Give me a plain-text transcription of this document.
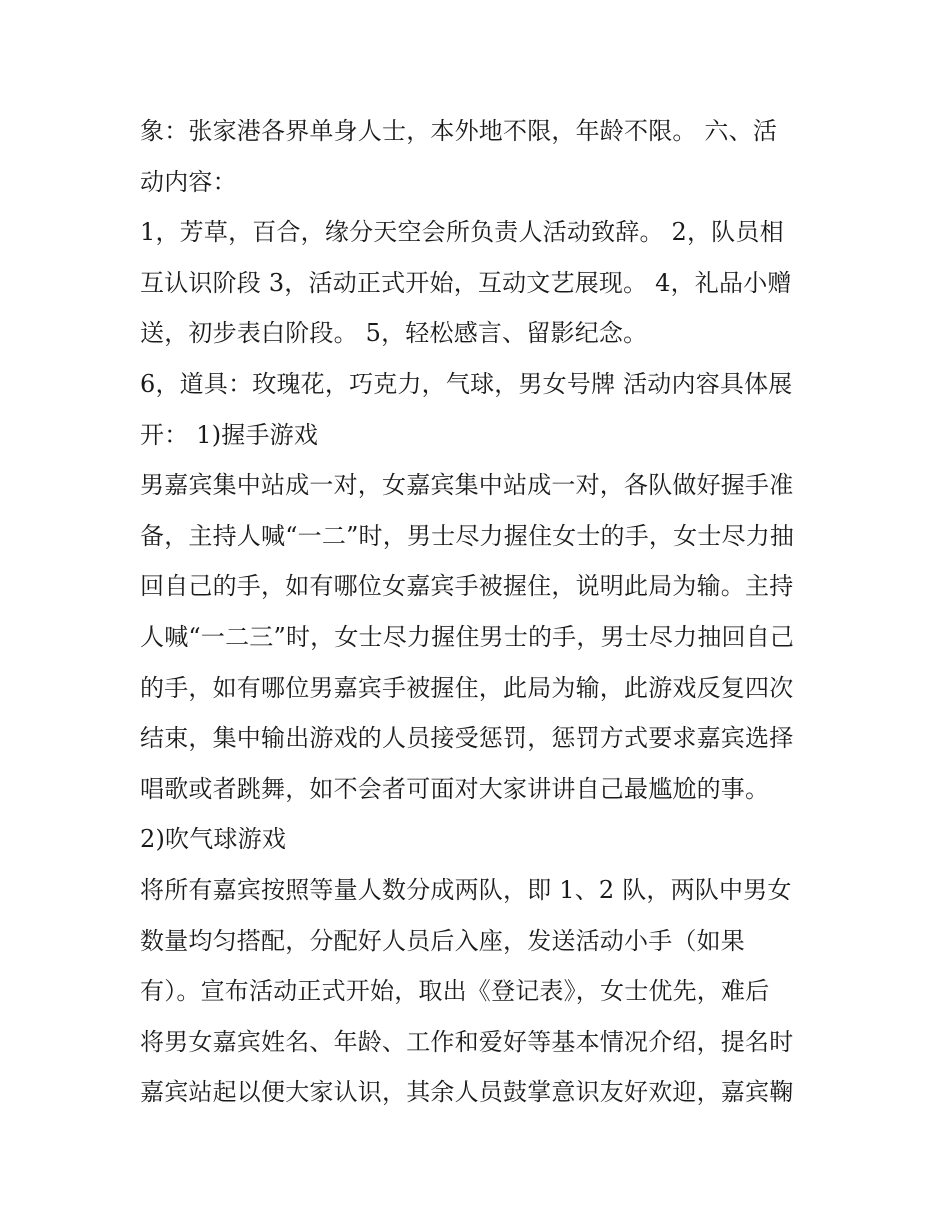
象：张家港各界单身人士，本外地不限，年龄不限。 六、活
动内容：
1，芳草，百合，缘分天空会所负责人活动致辞。 2，队员相
互认识阶段 3，活动正式开始，互动文艺展现。 4，礼品小赠
送，初步表白阶段。 5，轻松感言、留影纪念。
6，道具：玫瑰花，巧克力，气球，男女号牌 活动内容具体展
开： 1)握手游戏
男嘉宾集中站成一对，女嘉宾集中站成一对，各队做好握手准
备，主持人喊“一二”时，男士尽力握住女士的手，女士尽力抽
回自己的手，如有哪位女嘉宾手被握住，说明此局为输。主持
人喊“一二三”时，女士尽力握住男士的手，男士尽力抽回自己
的手，如有哪位男嘉宾手被握住，此局为输，此游戏反复四次
结束，集中输出游戏的人员接受惩罚，惩罚方式要求嘉宾选择
唱歌或者跳舞，如不会者可面对大家讲讲自己最尴尬的事。
2)吹气球游戏
将所有嘉宾按照等量人数分成两队，即 1、2 队，两队中男女
数量均匀搭配，分配好人员后入座，发送活动小手（如果
有）。宣布活动正式开始，取出《登记表》，女士优先，难后
将男女嘉宾姓名、年龄、工作和爱好等基本情况介绍，提名时
嘉宾站起以便大家认识，其余人员鼓掌意识友好欢迎，嘉宾鞠
